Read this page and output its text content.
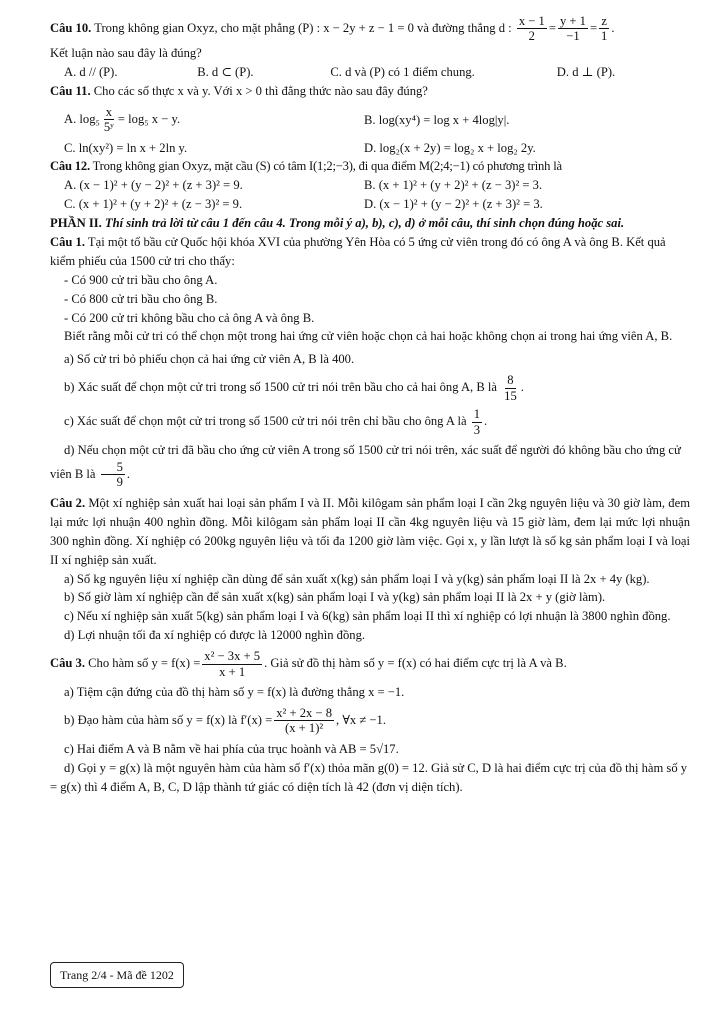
Câu 10. Trong không gian Oxyz, cho mặt phẳng (P) : x − 2y + z − 1 = 0 và đường thẳng d : $\frac{x - 1}{2} = \frac{y + 1}{-1} = \frac{z}{1}$ .
Kết luận nào sau đây là đúng?
A. d // (P).	B. d ⊂ (P).	C. d và (P) có 1 điểm chung.	D. d ⊥ (P).
Câu 11. Cho các số thực x và y. Với x > 0 thì đẳng thức nào sau đây đúng?
A. $\log_5 \frac{x}{\text{5ʸ}} = \log_5$ x − y.	B. log(xy⁴) = log x + 4log|y|.
C. ln(xy²) = ln x + 2ln y.	D. log₂(x + 2y) = log₂ x + log₂ 2y.
Câu 12. Trong không gian Oxyz, mặt cầu (S) có tâm I(1;2;−3), đi qua điểm M(2;4;−1) có phương trình là
A. (x − 1)² + (y − 2)² + (z + 3)² = 9.	B. (x + 1)² + (y + 2)² + (z − 3)² = 3.
C. (x + 1)² + (y + 2)² + (z − 3)² = 9.	D. (x − 1)² + (y − 2)² + (z + 3)² = 3.
PHẦN II. Thí sinh trả lời từ câu 1 đến câu 4. Trong mỗi ý a), b), c), d) ở mỗi câu, thí sinh chọn đúng hoặc sai.
Câu 1. Tại một tổ bầu cử Quốc hội khóa XVI của phường Yên Hòa có 5 ứng cử viên trong đó có ông A và ông B. Kết quả kiểm phiếu của 1500 cử tri cho thấy:
- Có 900 cử tri bầu cho ông A.
- Có 800 cử tri bầu cho ông B.
- Có 200 cử tri không bầu cho cả ông A và ông B.
Biết rằng mỗi cử tri có thể chọn một trong hai ứng cử viên hoặc chọn cả hai hoặc không chọn ai trong hai ứng viên A, B.
a) Số cử tri bỏ phiếu chọn cả hai ứng cử viên A, B là 400.
b) Xác suất để chọn một cử tri trong số 1500 cử tri nói trên bầu cho cả hai ông A, B là $\frac{8}{15}$ .
c) Xác suất để chọn một cử tri trong số 1500 cử tri nói trên chỉ bầu cho ông A là $\frac{1}{3}$ .
d) Nếu chọn một cử tri đã bầu cho ứng cử viên A trong số 1500 cử tri nói trên, xác suất để người đó không bầu cho ứng cử viên B là $\frac{5}{9}$ .
Câu 2. Một xí nghiệp sản xuất hai loại sản phẩm I và II. Mỗi kilôgam sản phẩm loại I cần 2kg nguyên liệu và 30 giờ làm, đem lại mức lợi nhuận 400 nghìn đồng. Mỗi kilôgam sản phẩm loại II cần 4kg nguyên liệu và 15 giờ làm, đem lại mức lợi nhuận 300 nghìn đồng. Xí nghiệp có 200kg nguyên liệu và tối đa 1200 giờ làm việc. Gọi x, y lần lượt là số kg sản phẩm loại I và loại II xí nghiệp sản xuất.
a) Số kg nguyên liệu xí nghiệp cần dùng để sản xuất x(kg) sản phẩm loại I và y(kg) sản phẩm loại II là 2x + 4y (kg).
b) Số giờ làm xí nghiệp cần để sản xuất x(kg) sản phẩm loại I và y(kg) sản phẩm loại II là 2x + y (giờ làm).
c) Nếu xí nghiệp sản xuất 5(kg) sản phẩm loại I và 6(kg) sản phẩm loại II thì xí nghiệp có lợi nhuận là 3800 nghìn đồng.
d) Lợi nhuận tối đa xí nghiệp có được là 12000 nghìn đồng.
Câu 3. Cho hàm số $y = f(x) = \frac{\text{x² − 3x + 5}}{x + 1}$ . Giả sử đồ thị hàm số y = f(x) có hai điểm cực trị là A và B.
a) Tiệm cận đứng của đồ thị hàm số y = f(x) là đường thẳng x = −1.
b) Đạo hàm của hàm số y = f(x) là $f'(x) = \frac{\text{x² + 2x − 8}}{\text{(x + 1)²}}$ , ∀x ≠ −1.
c) Hai điểm A và B nằm về hai phía của trục hoành và AB = 5√17.
d) Gọi y = g(x) là một nguyên hàm của hàm số f′(x) thỏa mãn g(0) = 12. Giả sử C, D là hai điểm cực trị của đồ thị hàm số y = g(x) thì 4 điểm A, B, C, D lập thành tứ giác có diện tích là 42 (đơn vị diện tích).
Trang 2/4 - Mã đề 1202
